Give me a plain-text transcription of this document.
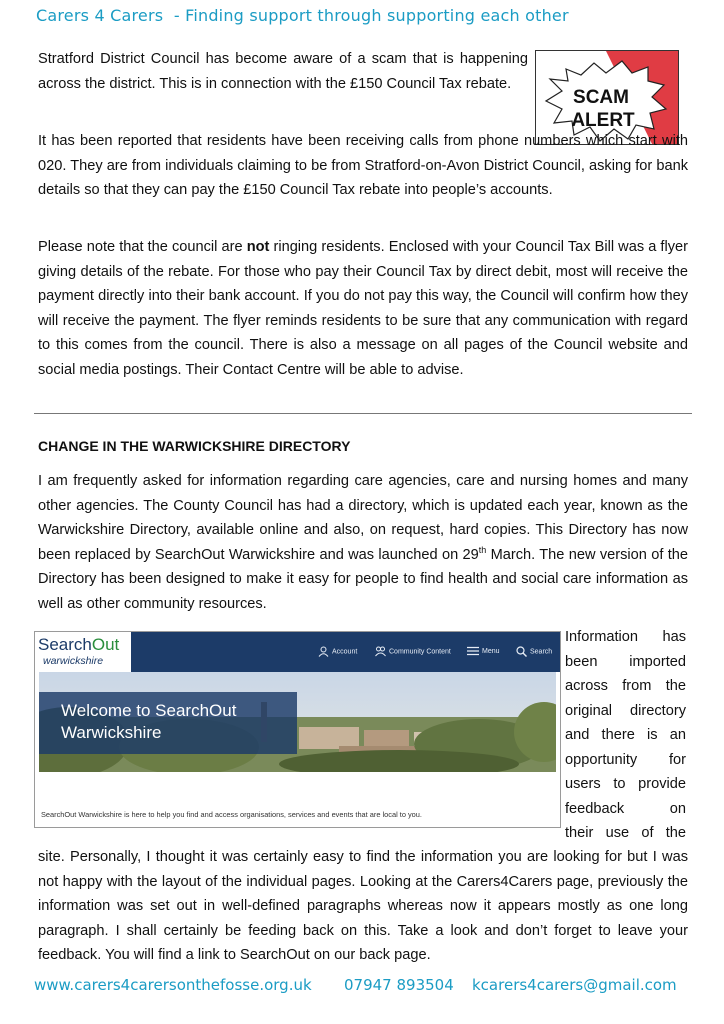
Carers 4 Carers  - Finding support through supporting each other
SCAM
ALERT

Stratford District Council has become aware of a scam that is happening across the district. This is in connection with the £150 Council Tax rebate.

It has been reported that residents have been receiving calls from phone numbers which start with 020. They are from individuals claiming to be from Stratford-on-Avon District Council, asking for bank details so that they can pay the £150 Council Tax rebate into people’s accounts.

Please note that the council are not ringing residents. Enclosed with your Council Tax Bill was a flyer giving details of the rebate. For those who pay their Council Tax by direct debit, most will receive the payment directly into their bank account. If you do not pay this way, the Council will confirm how they will receive the payment. The flyer reminds residents to be sure that any communication with regard to this comes from the council. There is also a message on all pages of the Council website and social media postings. Their Contact Centre will be able to advise.

CHANGE IN THE WARWICKSHIRE DIRECTORY

I am frequently asked for information regarding care agencies, care and nursing homes and many other agencies. The County Council has had a directory, which is updated each year, known as the Warwickshire Directory, available online and also, on request, hard copies. This Directory has now been replaced by SearchOut Warwickshire and was launched on 29th March. The new version of the Directory has been designed to make it easy for people to find health and social care information as well as other community resources.

SearchOut
warwickshire
Account	Community Content	Menu	Search
Welcome to SearchOut
Warwickshire
SearchOut Warwickshire is here to help you find and access organisations, services and events that are local to you.
Information has
been imported
across from the
original directory
and there is an
opportunity for
users to provide
feedback	on
their use of the

site. Personally, I thought it was certainly easy to find the information you are looking for but I was not happy with the layout of the individual pages. Looking at the Carers4Carers page, previously the information was set out in well-defined paragraphs whereas now it appears mostly as one long paragraph. I shall certainly be feeding back on this. Take a look and don’t forget to leave your feedback. You will find a link to SearchOut on our back page.

www.carers4carersonthefosse.org.uk 07947 893504 kcarers4carers@gmail.com
